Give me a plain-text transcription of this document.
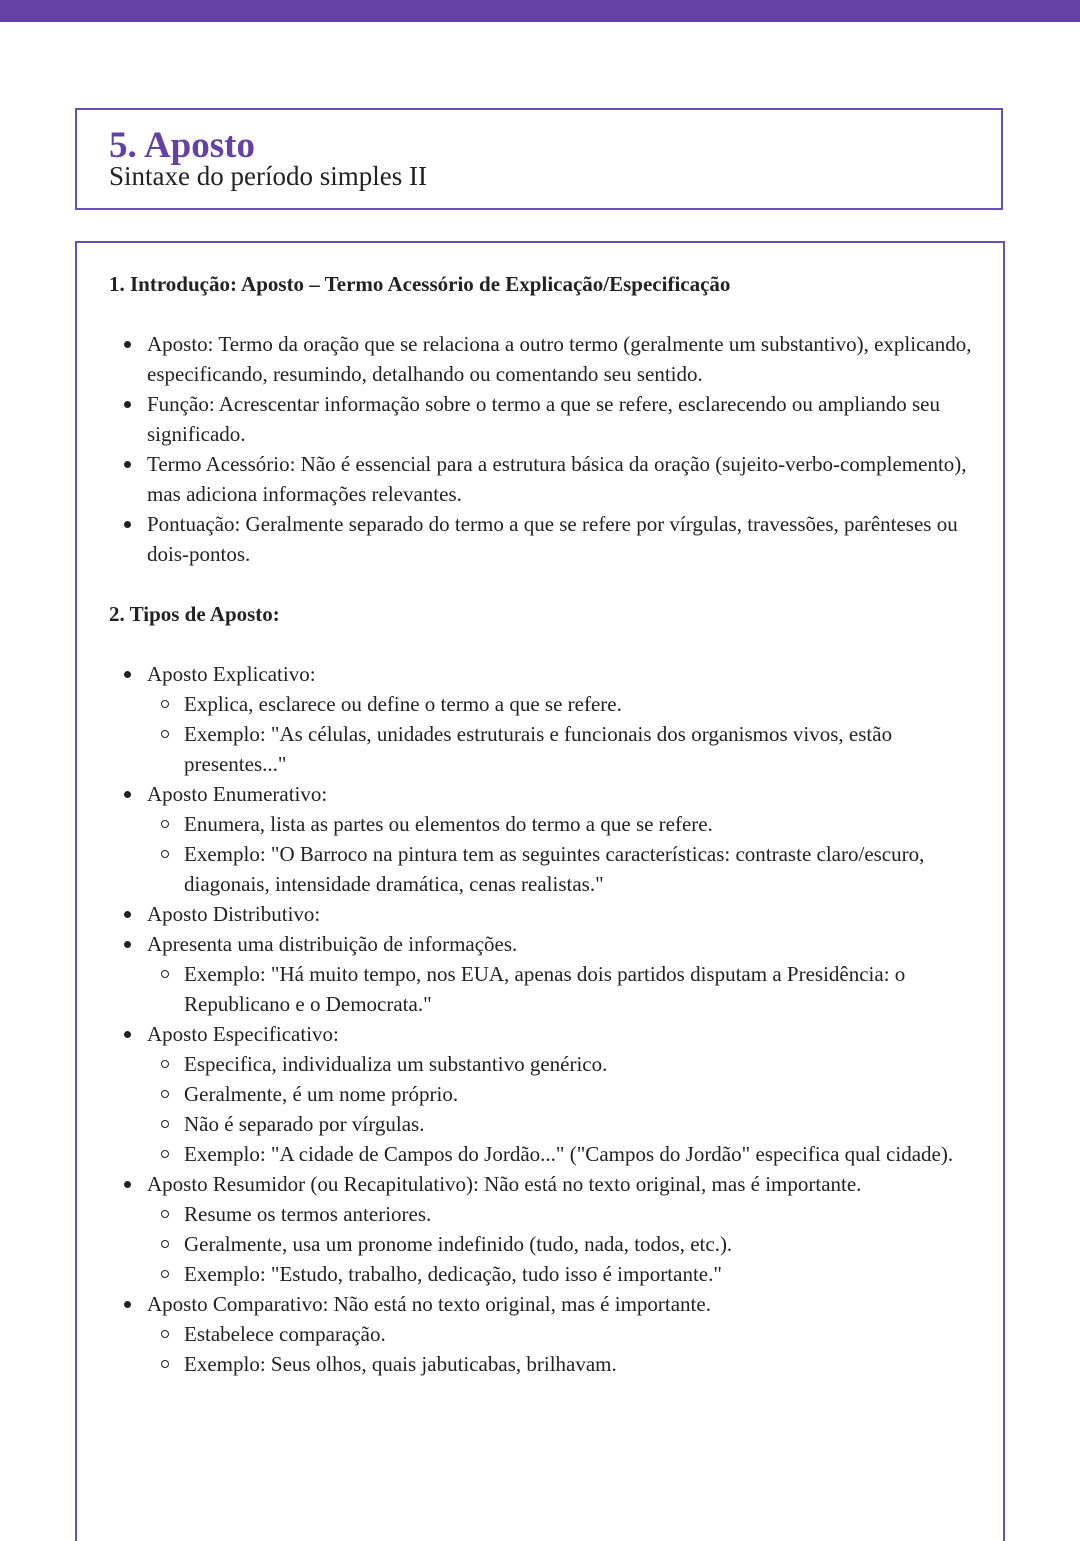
5. Aposto

Sintaxe do período simples II

1. Introdução: Aposto – Termo Acessório de Explicação/Especificação
Aposto: Termo da oração que se relaciona a outro termo (geralmente um substantivo), explicando, especificando, resumindo, detalhando ou comentando seu sentido.
Função: Acrescentar informação sobre o termo a que se refere, esclarecendo ou ampliando seu significado.
Termo Acessório: Não é essencial para a estrutura básica da oração (sujeito-verbo-complemento), mas adiciona informações relevantes.
Pontuação: Geralmente separado do termo a que se refere por vírgulas, travessões, parênteses ou dois-pontos.
2. Tipos de Aposto:
Aposto Explicativo:
Explica, esclarece ou define o termo a que se refere.
Exemplo: "As células, unidades estruturais e funcionais dos organismos vivos, estão presentes..."
Aposto Enumerativo:
Enumera, lista as partes ou elementos do termo a que se refere.
Exemplo: "O Barroco na pintura tem as seguintes características: contraste claro/escuro, diagonais, intensidade dramática, cenas realistas."
Aposto Distributivo:
Apresenta uma distribuição de informações.
Exemplo: "Há muito tempo, nos EUA, apenas dois partidos disputam a Presidência: o Republicano e o Democrata."
Aposto Especificativo:
Especifica, individualiza um substantivo genérico.
Geralmente, é um nome próprio.
Não é separado por vírgulas.
Exemplo: "A cidade de Campos do Jordão..." ("Campos do Jordão" especifica qual cidade).
Aposto Resumidor (ou Recapitulativo): Não está no texto original, mas é importante.
Resume os termos anteriores.
Geralmente, usa um pronome indefinido (tudo, nada, todos, etc.).
Exemplo: "Estudo, trabalho, dedicação, tudo isso é importante."
Aposto Comparativo: Não está no texto original, mas é importante.
Estabelece comparação.
Exemplo: Seus olhos, quais jabuticabas, brilhavam.
